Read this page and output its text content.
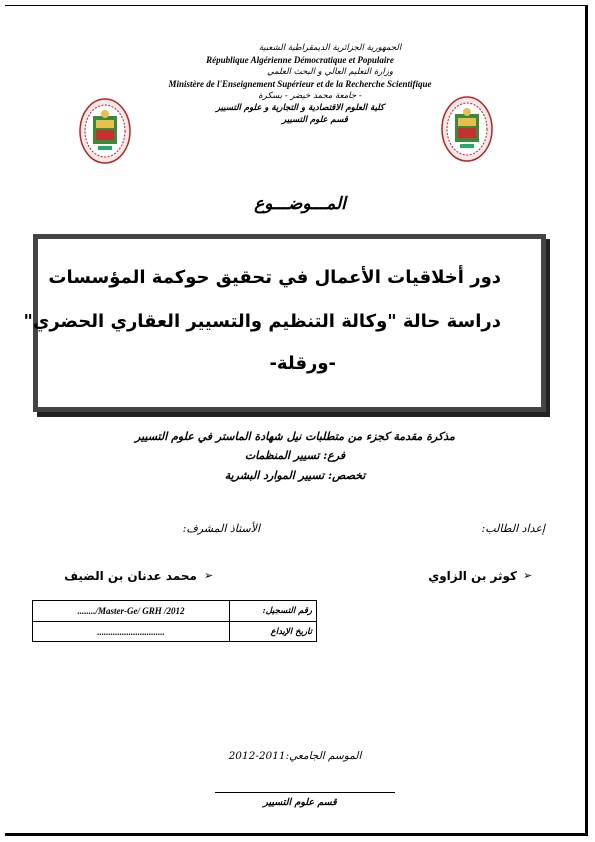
الجمهورية الجزائرية الديمقراطية الشعبية
République Algérienne Démocratique et Populaire
وزارة التعليم العالي و البحث العلمي
Ministère de l'Enseignement Supérieur et de la Recherche Scientifique
جامعة محمد خيضر - بسكرة -
كلية العلوم الاقتصادية و التجارية و علوم التسيير
قسم علوم التسيير
المـــوضـــوع
دور أخلاقيات الأعمال في تحقيق حوكمة المؤسسات
دراسة حالة "وكالة التنظيم والتسيير العقاري الحضري"
-ورقلة-
مذكرة مقدمة كجزء من متطلبات نيل شهادة الماستر في علوم التسيير
فرع: تسيير المنظمات
تخصص: تسيير الموارد البشرية
إعداد الطالب:
الأستاذ المشرف:
➢
كوثر بن الزاوي
➢
محمد عدنان بن الضيف
......../Master-Ge/ GRH /2012	رقم التسجيل:
..............................	تاريخ الإيداع
الموسم الجامعي:2011-2012
قسم علوم التسيير
